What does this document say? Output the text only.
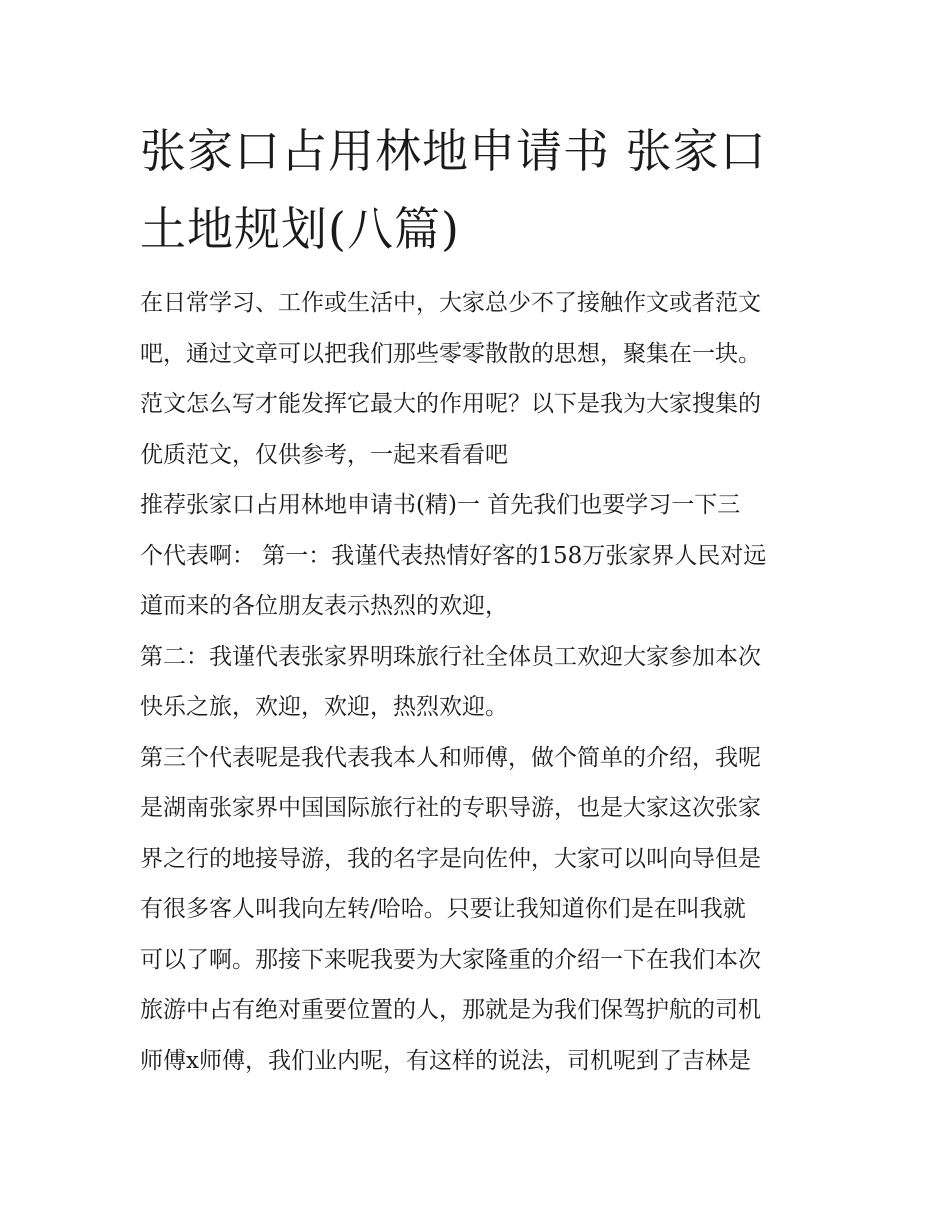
张家口占用林地申请书 张家口
土地规划(八篇)

在日常学习、工作或生活中，大家总少不了接触作文或者范文
吧，通过文章可以把我们那些零零散散的思想，聚集在一块。
范文怎么写才能发挥它最大的作用呢？以下是我为大家搜集的
优质范文，仅供参考，一起来看看吧

推荐张家口占用林地申请书(精)一 首先我们也要学习一下三
个代表啊： 第一：我谨代表热情好客的158万张家界人民对远
道而来的各位朋友表示热烈的欢迎，

第二：我谨代表张家界明珠旅行社全体员工欢迎大家参加本次
快乐之旅，欢迎，欢迎，热烈欢迎。

第三个代表呢是我代表我本人和师傅，做个简单的介绍，我呢
是湖南张家界中国国际旅行社的专职导游，也是大家这次张家
界之行的地接导游，我的名字是向佐仲，大家可以叫向导但是
有很多客人叫我向左转/哈哈。只要让我知道你们是在叫我就
可以了啊。那接下来呢我要为大家隆重的介绍一下在我们本次
旅游中占有绝对重要位置的人，那就是为我们保驾护航的司机
师傅x师傅，我们业内呢，有这样的说法，司机呢到了吉林是
